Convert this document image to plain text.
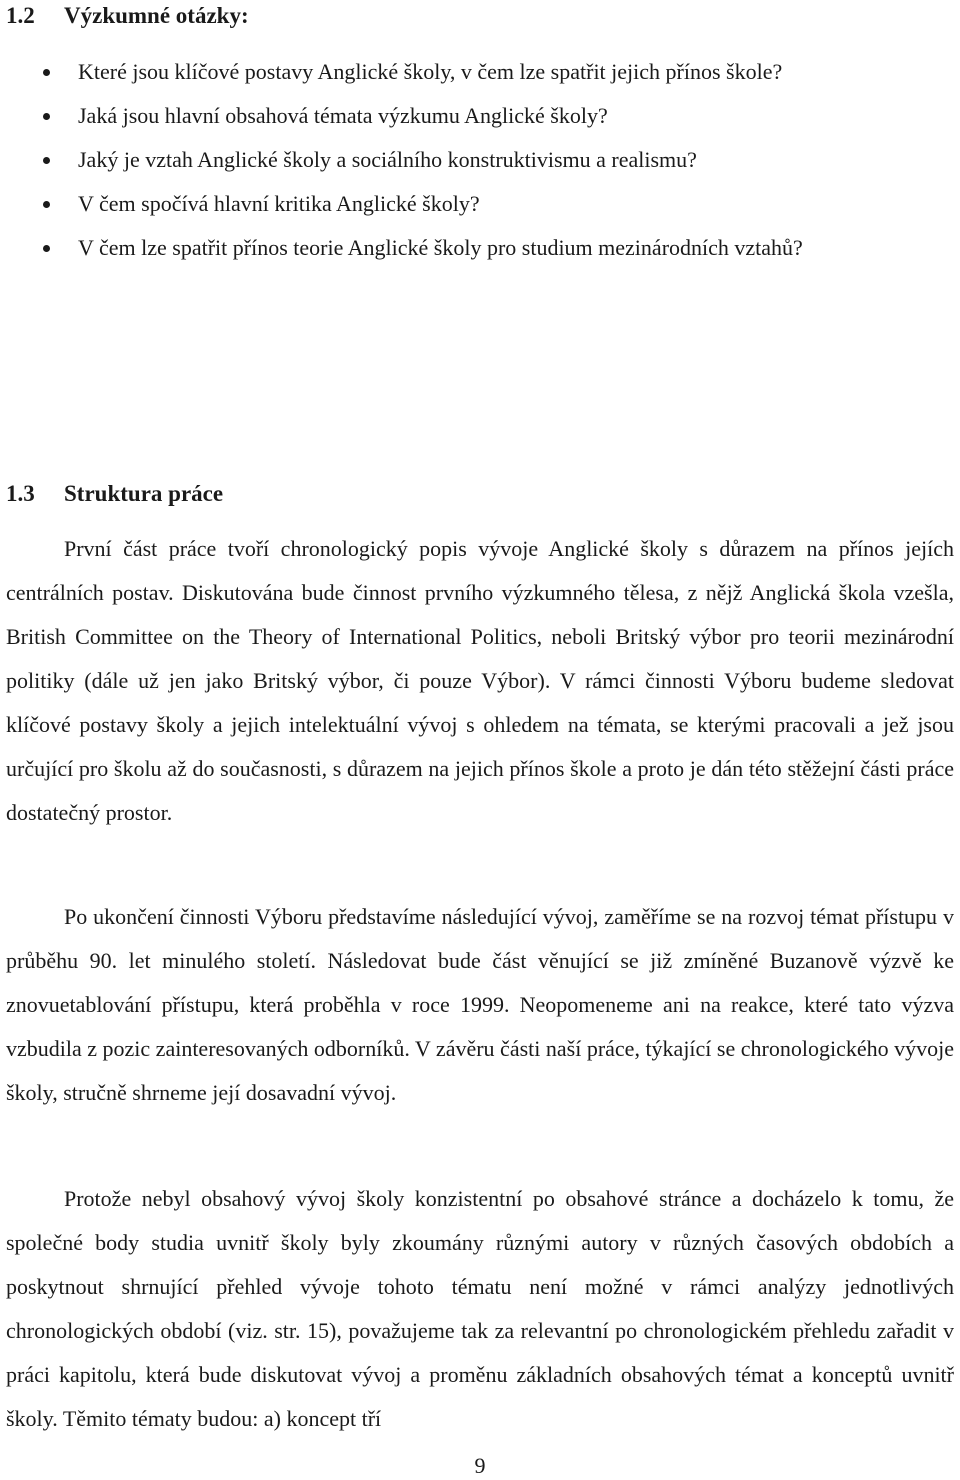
1.2 Výzkumné otázky:
Které jsou klíčové postavy Anglické školy, v čem lze spatřit jejich přínos škole?
Jaká jsou hlavní obsahová témata výzkumu Anglické školy?
Jaký je vztah Anglické školy a sociálního konstruktivismu a realismu?
V čem spočívá hlavní kritika Anglické školy?
V čem lze spatřit přínos teorie Anglické školy pro studium mezinárodních vztahů?
1.3 Struktura práce

První část práce tvoří chronologický popis vývoje Anglické školy s důrazem na přínos jejích centrálních postav. Diskutována bude činnost prvního výzkumného tělesa, z nějž Anglická škola vzešla, British Committee on the Theory of International Politics, neboli Britský výbor pro teorii mezinárodní politiky (dále už jen jako Britský výbor, či pouze Výbor). V rámci činnosti Výboru budeme sledovat klíčové postavy školy a jejich intelektuální vývoj s ohledem na témata, se kterými pracovali a jež jsou určující pro školu až do současnosti, s důrazem na jejich přínos škole a proto je dán této stěžejní části práce dostatečný prostor.

Po ukončení činnosti Výboru představíme následující vývoj, zaměříme se na rozvoj témat přístupu v průběhu 90. let minulého století. Následovat bude část věnující se již zmíněné Buzanově výzvě ke znovuetablování přístupu, která proběhla v roce 1999. Neopomeneme ani na reakce, které tato výzva vzbudila z pozic zainteresovaných odborníků. V závěru části naší práce, týkající se chronologického vývoje školy, stručně shrneme její dosavadní vývoj.

Protože nebyl obsahový vývoj školy konzistentní po obsahové stránce a docházelo k tomu, že společné body studia uvnitř školy byly zkoumány různými autory v různých časových obdobích a poskytnout shrnující přehled vývoje tohoto tématu není možné v rámci analýzy jednotlivých chronologických období (viz. str. 15), považujeme tak za relevantní po chronologickém přehledu zařadit v práci kapitolu, která bude diskutovat vývoj a proměnu základních obsahových témat a konceptů uvnitř školy. Těmito tématy budou: a) koncept tří

9
